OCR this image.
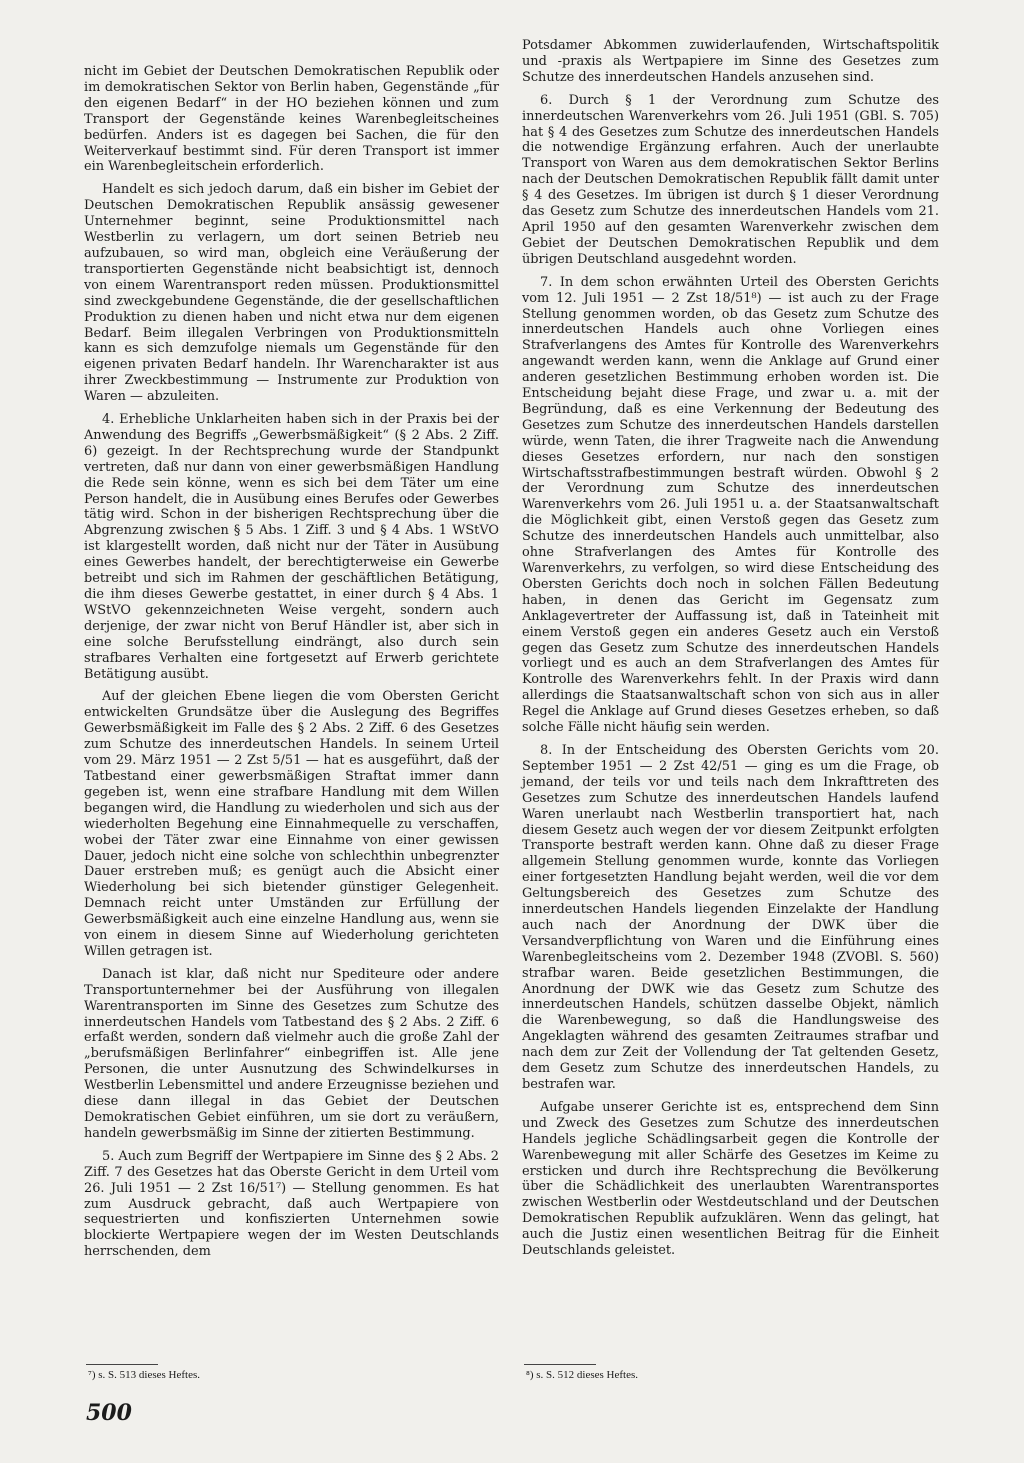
nicht im Gebiet der Deutschen Demokratischen Republik oder im demokratischen Sektor von Berlin haben, Gegenstände „für den eigenen Bedarf“ in der HO beziehen können und zum Transport der Gegenstände keines Warenbegleitscheines bedürfen. Anders ist es dagegen bei Sachen, die für den Weiterverkauf bestimmt sind. Für deren Transport ist immer ein Warenbegleitschein erforderlich.

Handelt es sich jedoch darum, daß ein bisher im Gebiet der Deutschen Demokratischen Republik ansässig gewesener Unternehmer beginnt, seine Produktionsmittel nach Westberlin zu verlagern, um dort seinen Betrieb neu aufzubauen, so wird man, obgleich eine Veräußerung der transportierten Gegenstände nicht beabsichtigt ist, dennoch von einem Warentransport reden müssen. Produktionsmittel sind zweckgebundene Gegenstände, die der gesellschaftlichen Produktion zu dienen haben und nicht etwa nur dem eigenen Bedarf. Beim illegalen Verbringen von Produktionsmitteln kann es sich demzufolge niemals um Gegenstände für den eigenen privaten Bedarf handeln. Ihr Warencharakter ist aus ihrer Zweckbestimmung — Instrumente zur Produktion von Waren — abzuleiten.

4. Erhebliche Unklarheiten haben sich in der Praxis bei der Anwendung des Begriffs „Gewerbsmäßigkeit“ (§ 2 Abs. 2 Ziff. 6) gezeigt. In der Rechtsprechung wurde der Standpunkt vertreten, daß nur dann von einer gewerbsmäßigen Handlung die Rede sein könne, wenn es sich bei dem Täter um eine Person handelt, die in Ausübung eines Berufes oder Gewerbes tätig wird. Schon in der bisherigen Rechtsprechung über die Abgrenzung zwischen § 5 Abs. 1 Ziff. 3 und § 4 Abs. 1 WStVO ist klargestellt worden, daß nicht nur der Täter in Ausübung eines Gewerbes handelt, der berechtigterweise ein Gewerbe betreibt und sich im Rahmen der geschäftlichen Betätigung, die ihm dieses Gewerbe gestattet, in einer durch § 4 Abs. 1 WStVO gekennzeichneten Weise vergeht, sondern auch derjenige, der zwar nicht von Beruf Händler ist, aber sich in eine solche Berufsstellung eindrängt, also durch sein strafbares Verhalten eine fortgesetzt auf Erwerb gerichtete Betätigung ausübt.

Auf der gleichen Ebene liegen die vom Obersten Gericht entwickelten Grundsätze über die Auslegung des Begriffes Gewerbsmäßigkeit im Falle des § 2 Abs. 2 Ziff. 6 des Gesetzes zum Schutze des innerdeutschen Handels. In seinem Urteil vom 29. März 1951 — 2 Zst 5/51 — hat es ausgeführt, daß der Tatbestand einer gewerbsmäßigen Straftat immer dann gegeben ist, wenn eine strafbare Handlung mit dem Willen begangen wird, die Handlung zu wiederholen und sich aus der wiederholten Begehung eine Einnahmequelle zu verschaffen, wobei der Täter zwar eine Einnahme von einer gewissen Dauer, jedoch nicht eine solche von schlechthin unbegrenzter Dauer erstreben muß; es genügt auch die Absicht einer Wiederholung bei sich bietender günstiger Gelegenheit. Demnach reicht unter Umständen zur Erfüllung der Gewerbsmäßigkeit auch eine einzelne Handlung aus, wenn sie von einem in diesem Sinne auf Wiederholung gerichteten Willen getragen ist.

Danach ist klar, daß nicht nur Spediteure oder andere Transportunternehmer bei der Ausführung von illegalen Warentransporten im Sinne des Gesetzes zum Schutze des innerdeutschen Handels vom Tatbestand des § 2 Abs. 2 Ziff. 6 erfaßt werden, sondern daß vielmehr auch die große Zahl der „berufsmäßigen Berlinfahrer“ einbegriffen ist. Alle jene Personen, die unter Ausnutzung des Schwindelkurses in Westberlin Lebensmittel und andere Erzeugnisse beziehen und diese dann illegal in das Gebiet der Deutschen Demokratischen Gebiet einführen, um sie dort zu veräußern, handeln gewerbsmäßig im Sinne der zitierten Bestimmung.

5. Auch zum Begriff der Wertpapiere im Sinne des § 2 Abs. 2 Ziff. 7 des Gesetzes hat das Oberste Gericht in dem Urteil vom 26. Juli 1951 — 2 Zst 16/51⁷) — Stellung genommen. Es hat zum Ausdruck gebracht, daß auch Wertpapiere von sequestrierten und konfiszierten Unternehmen sowie blockierte Wertpapiere wegen der im Westen Deutschlands herrschenden, dem

Potsdamer Abkommen zuwiderlaufenden, Wirtschaftspolitik und -praxis als Wertpapiere im Sinne des Gesetzes zum Schutze des innerdeutschen Handels anzusehen sind.

6. Durch § 1 der Verordnung zum Schutze des innerdeutschen Warenverkehrs vom 26. Juli 1951 (GBl. S. 705) hat § 4 des Gesetzes zum Schutze des innerdeutschen Handels die notwendige Ergänzung erfahren. Auch der unerlaubte Transport von Waren aus dem demokratischen Sektor Berlins nach der Deutschen Demokratischen Republik fällt damit unter § 4 des Gesetzes. Im übrigen ist durch § 1 dieser Verordnung das Gesetz zum Schutze des innerdeutschen Handels vom 21. April 1950 auf den gesamten Warenverkehr zwischen dem Gebiet der Deutschen Demokratischen Republik und dem übrigen Deutschland ausgedehnt worden.

7. In dem schon erwähnten Urteil des Obersten Gerichts vom 12. Juli 1951 — 2 Zst 18/51⁸) — ist auch zu der Frage Stellung genommen worden, ob das Gesetz zum Schutze des innerdeutschen Handels auch ohne Vorliegen eines Strafverlangens des Amtes für Kontrolle des Warenverkehrs angewandt werden kann, wenn die Anklage auf Grund einer anderen gesetzlichen Bestimmung erhoben worden ist. Die Entscheidung bejaht diese Frage, und zwar u. a. mit der Begründung, daß es eine Verkennung der Bedeutung des Gesetzes zum Schutze des innerdeutschen Handels darstellen würde, wenn Taten, die ihrer Tragweite nach die Anwendung dieses Gesetzes erfordern, nur nach den sonstigen Wirtschaftsstrafbestimmungen bestraft würden. Obwohl § 2 der Verordnung zum Schutze des innerdeutschen Warenverkehrs vom 26. Juli 1951 u. a. der Staatsanwaltschaft die Möglichkeit gibt, einen Verstoß gegen das Gesetz zum Schutze des innerdeutschen Handels auch unmittelbar, also ohne Strafverlangen des Amtes für Kontrolle des Warenverkehrs, zu verfolgen, so wird diese Entscheidung des Obersten Gerichts doch noch in solchen Fällen Bedeutung haben, in denen das Gericht im Gegensatz zum Anklagevertreter der Auffassung ist, daß in Tateinheit mit einem Verstoß gegen ein anderes Gesetz auch ein Verstoß gegen das Gesetz zum Schutze des innerdeutschen Handels vorliegt und es auch an dem Strafverlangen des Amtes für Kontrolle des Warenverkehrs fehlt. In der Praxis wird dann allerdings die Staatsanwaltschaft schon von sich aus in aller Regel die Anklage auf Grund dieses Gesetzes erheben, so daß solche Fälle nicht häufig sein werden.

8. In der Entscheidung des Obersten Gerichts vom 20. September 1951 — 2 Zst 42/51 — ging es um die Frage, ob jemand, der teils vor und teils nach dem Inkrafttreten des Gesetzes zum Schutze des innerdeutschen Handels laufend Waren unerlaubt nach Westberlin transportiert hat, nach diesem Gesetz auch wegen der vor diesem Zeitpunkt erfolgten Transporte bestraft werden kann. Ohne daß zu dieser Frage allgemein Stellung genommen wurde, konnte das Vorliegen einer fortgesetzten Handlung bejaht werden, weil die vor dem Geltungsbereich des Gesetzes zum Schutze des innerdeutschen Handels liegenden Einzelakte der Handlung auch nach der Anordnung der DWK über die Versandverpflichtung von Waren und die Einführung eines Warenbegleitscheins vom 2. Dezember 1948 (ZVOBl. S. 560) strafbar waren. Beide gesetzlichen Bestimmungen, die Anordnung der DWK wie das Gesetz zum Schutze des innerdeutschen Handels, schützen dasselbe Objekt, nämlich die Warenbewegung, so daß die Handlungsweise des Angeklagten während des gesamten Zeitraumes strafbar und nach dem zur Zeit der Vollendung der Tat geltenden Gesetz, dem Gesetz zum Schutze des innerdeutschen Handels, zu bestrafen war.

Aufgabe unserer Gerichte ist es, entsprechend dem Sinn und Zweck des Gesetzes zum Schutze des innerdeutschen Handels jegliche Schädlingsarbeit gegen die Kontrolle der Warenbewegung mit aller Schärfe des Gesetzes im Keime zu ersticken und durch ihre Rechtsprechung die Bevölkerung über die Schädlichkeit des unerlaubten Warentransportes zwischen Westberlin oder Westdeutschland und der Deutschen Demokratischen Republik aufzuklären. Wenn das gelingt, hat auch die Justiz einen wesentlichen Beitrag für die Einheit Deutschlands geleistet.

⁷) s. S. 513 dieses Heftes.	⁸) s. S. 512 dieses Heftes.
500
